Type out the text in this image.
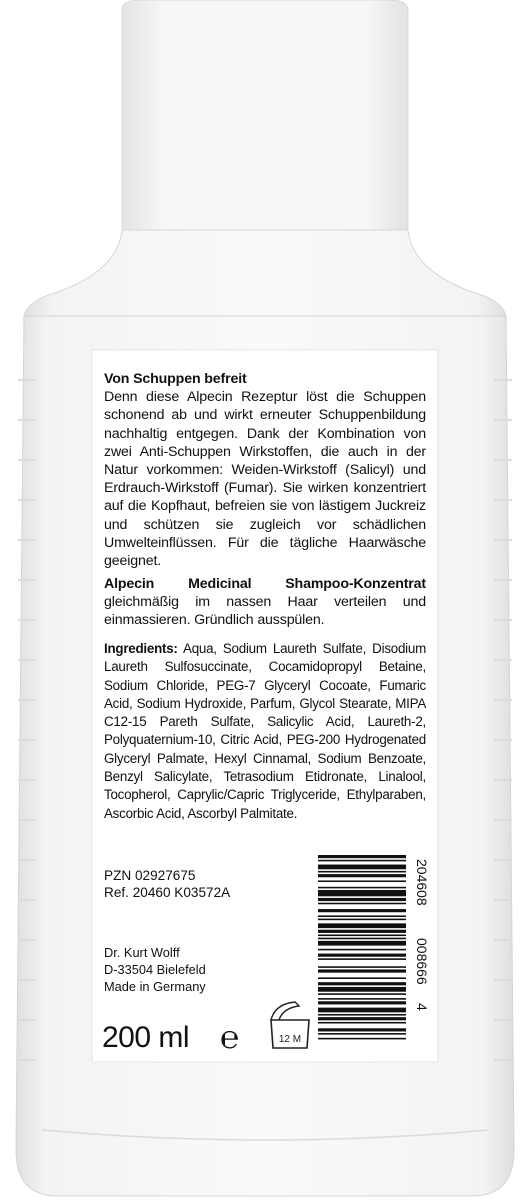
Von Schuppen befreit
Denn diese Alpecin Rezeptur löst die Schuppen schonend ab und wirkt erneuter Schuppenbildung nachhaltig entgegen. Dank der Kombination von zwei Anti-Schuppen Wirkstoffen, die auch in der Natur vorkommen: Weiden-Wirkstoff (Salicyl) und Erdrauch-Wirkstoff (Fumar). Sie wirken konzentriert auf die Kopfhaut, befreien sie von lästigem Juckreiz und schützen sie zugleich vor schädlichen Umwelteinflüssen. Für die tägliche Haarwäsche geeignet.
Alpecin Medicinal Shampoo-Konzentrat gleichmäßig im nassen Haar verteilen und einmassieren. Gründlich ausspülen.
Ingredients: Aqua, Sodium Laureth Sulfate, Disodium Laureth Sulfosuccinate, Cocamidopropyl Betaine, Sodium Chloride, PEG-7 Glyceryl Cocoate, Fumaric Acid, Sodium Hydroxide, Parfum, Glycol Stearate, MIPA C12-15 Pareth Sulfate, Salicylic Acid, Laureth-2, Polyquaternium-10, Citric Acid, PEG-200 Hydrogenated Glyceryl Palmate, Hexyl Cinnamal, Sodium Benzoate, Benzyl Salicylate, Tetrasodium Etidronate, Linalool, Tocopherol, Caprylic/Capric Triglyceride, Ethylparaben, Ascorbic Acid, Ascorbyl Palmitate.
PZN 02927675
Ref. 20460 K03572A
Dr. Kurt Wolff
D-33504 Bielefeld
Made in Germany
200 ml ℮	12 M
4
008666
204608
